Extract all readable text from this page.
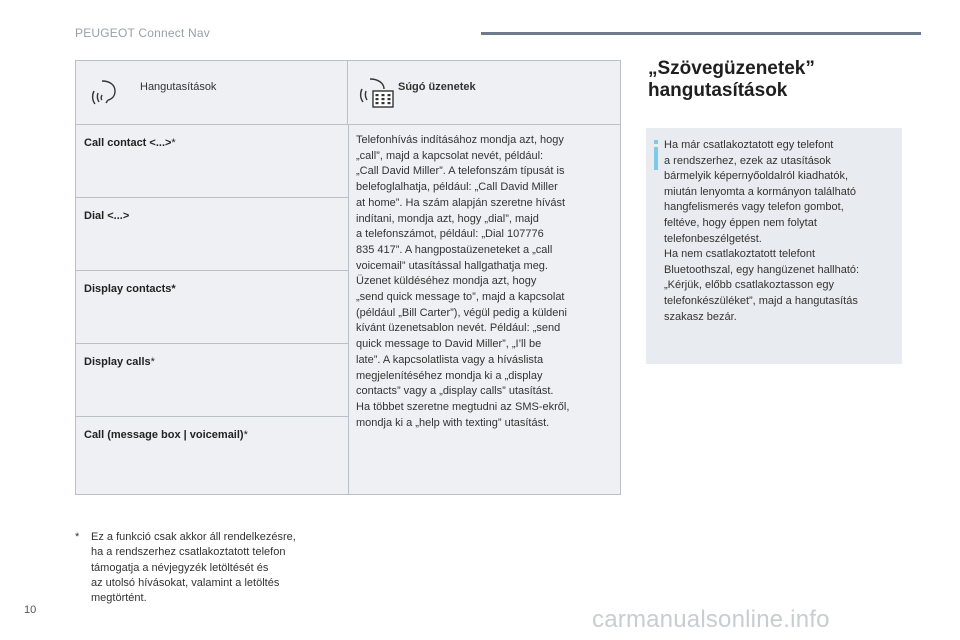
PEUGEOT Connect Nav
Hangutasítások	Súgó üzenetek
Call contact <...>*
Dial <...>
Display contacts*
Display calls*
Call (message box | voicemail)*
Telefonhívás indításához mondja azt, hogy
„call”, majd a kapcsolat nevét, például:
„Call David Miller”. A telefonszám típusát is
belefoglalhatja, például: „Call David Miller
at home”. Ha szám alapján szeretne hívást
indítani, mondja azt, hogy „dial”, majd
a telefonszámot, például: „Dial 107776
835 417”. A hangpostaüzeneteket a „call
voicemail” utasítással hallgathatja meg.
Üzenet küldéséhez mondja azt, hogy
„send quick message to”, majd a kapcsolat
(például „Bill Carter”), végül pedig a küldeni
kívánt üzenetsablon nevét. Például: „send
quick message to David Miller”, „I’ll be
late”. A kapcsolatlista vagy a híváslista
megjelenítéséhez mondja ki a „display
contacts” vagy a „display calls” utasítást.
Ha többet szeretne megtudni az SMS-ekről,
mondja ki a „help with texting” utasítást.
* Ez a funkció csak akkor áll rendelkezésre,
ha a rendszerhez csatlakoztatott telefon
támogatja a névjegyzék letöltését és
az utolsó hívásokat, valamint a letöltés
megtörtént.
10
„Szövegüzenetek”
hangutasítások
Ha már csatlakoztatott egy telefont
a rendszerhez, ezek az utasítások
bármelyik képernyőoldalról kiadhatók,
miután lenyomta a kormányon található
hangfelismerés vagy telefon gombot,
feltéve, hogy éppen nem folytat
telefonbeszélgetést.
Ha nem csatlakoztatott telefont
Bluetoothszal, egy hangüzenet hallható:
„Kérjük, előbb csatlakoztasson egy
telefonkészüléket”, majd a hangutasítás
szakasz bezár.
carmanualsonline.info
